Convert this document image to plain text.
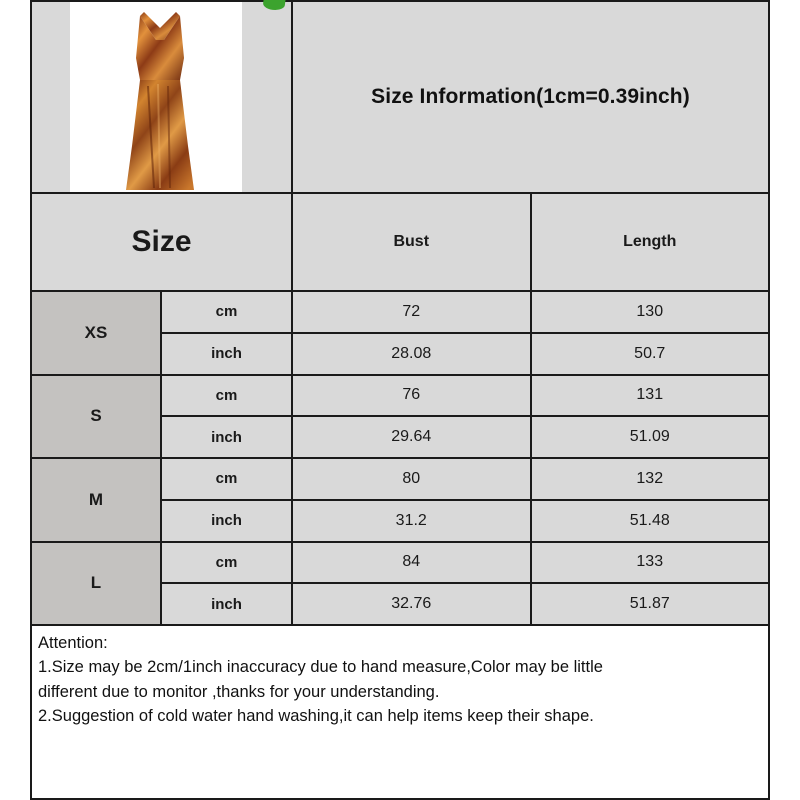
Size Information(1cm=0.39inch)
Size	Bust	Length
XS
cm	72	130
inch	28.08	50.7
S
cm	76	131
inch	29.64	51.09
M
cm	80	132
inch	31.2	51.48
L
cm	84	133
inch	32.76	51.87

Attention:

1.Size may be 2cm/1inch inaccuracy due to hand measure,Color may be little

different due to monitor ,thanks for your understanding.

2.Suggestion of cold water hand washing,it can help items keep their shape.
